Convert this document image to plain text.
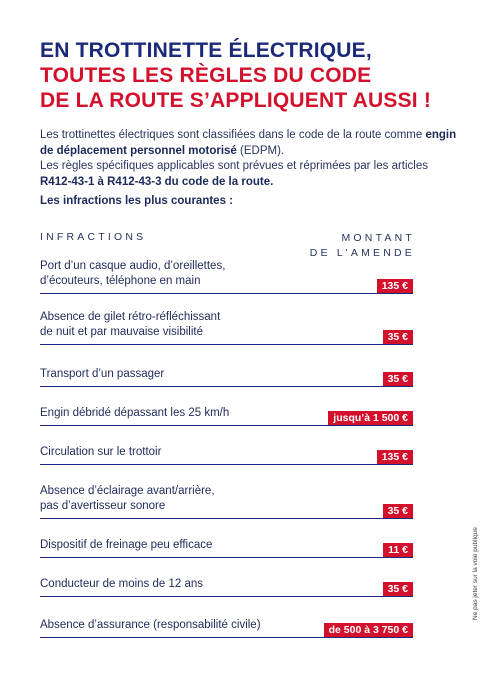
EN TROTTINETTE ÉLECTRIQUE,
TOUTES LES RÈGLES DU CODE
DE LA ROUTE S’APPLIQUENT AUSSI !

Les trottinettes électriques sont classifiées dans le code de la route comme engin de déplacement personnel motorisé (EDPM).

Les règles spécifiques applicables sont prévues et réprimées par les articles R412-43-1 à R412-43-3 du code de la route.

Les infractions les plus courantes :
INFRACTIONS	MONTANT
DE L’AMENDE
Port d’un casque audio, d’oreillettes,
d’écouteurs, téléphone en main	135 €
Absence de gilet rétro-réfléchissant
de nuit et par mauvaise visibilité	35 €
Transport d’un passager	35 €
Engin débridé dépassant les 25 km/h	jusqu’à 1 500 €
Circulation sur le trottoir	135 €
Absence d’éclairage avant/arrière,
pas d’avertisseur sonore	35 €
Dispositif de freinage peu efficace	11 €
Conducteur de moins de 12 ans	35 €
Absence d’assurance (responsabilité civile)	de 500 à 3 750 €
Ne pas jeter sur la voie publique
